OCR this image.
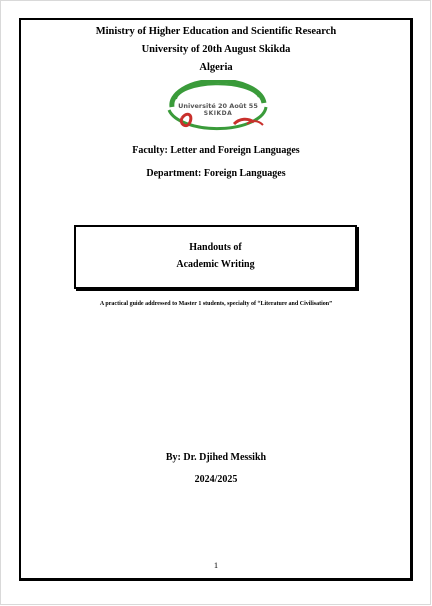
Ministry of Higher Education and Scientific Research
University of 20th August Skikda
Algeria
Université 20 Août 55
SKIKDA
Faculty: Letter and Foreign Languages
Department: Foreign Languages
Handouts of
Academic Writing
A practical guide addressed to Master 1 students, specialty of “Literature and Civilisation”
By: Dr. Djihed Messikh
2024/2025
1
